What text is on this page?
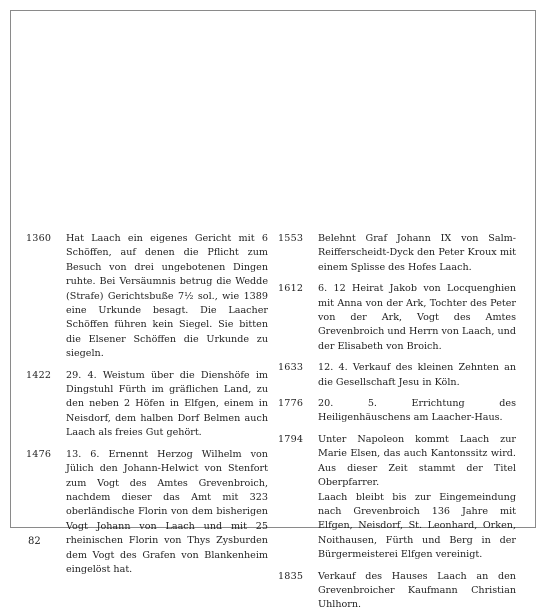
1360	Hat Laach ein eigenes Gericht mit 6 Schöffen, auf denen die Pflicht zum Besuch von drei ungebotenen Dingen ruhte. Bei Versäumnis betrug die Wedde (Strafe) Gerichtsbuße 7½ sol., wie 1389 eine Urkunde besagt. Die Laacher Schöffen führen kein Siegel. Sie bitten die Elsener Schöffen die Urkunde zu siegeln.
1422	29. 4. Weistum über die Dienshöfe im Dingstuhl Fürth im gräflichen Land, zu den neben 2 Höfen in Elfgen, einem in Neisdorf, dem halben Dorf Belmen auch Laach als freies Gut gehört.
1476	13. 6. Ernennt Herzog Wilhelm von Jülich den Johann-Helwict von Stenfort zum Vogt des Amtes Grevenbroich, nachdem dieser das Amt mit 323 oberländische Florin von dem bisherigen Vogt Johann von Laach und mit 25 rheinischen Florin von Thys Zysburden dem Vogt des Grafen von Blankenheim eingelöst hat.
1553	Belehnt Graf Johann IX von Salm-Reifferscheidt-Dyck den Peter Kroux mit einem Splisse des Hofes Laach.
1612	6. 12 Heirat Jakob von Locquenghien mit Anna von der Ark, Tochter des Peter von der Ark, Vogt des Amtes Grevenbroich und Herrn von Laach, und der Elisabeth von Broich.
1633	12. 4. Verkauf des kleinen Zehnten an die Gesellschaft Jesu in Köln.
1776	20. 5. Errichtung des Heiligenhäuschens am Laacher-Haus.
1794	Unter Napoleon kommt Laach zur Marie Elsen, das auch Kantonssitz wird. Aus dieser Zeit stammt der Titel Oberpfarrer.
Laach bleibt bis zur Eingemeindung nach Grevenbroich 136 Jahre mit Elfgen, Neisdorf, St. Leonhard, Orken, Noithausen, Fürth und Berg in der Bürgermeisterei Elfgen vereinigt.
1835	Verkauf des Hauses Laach an den Grevenbroicher Kaufmann Christian Uhlhorn.
82
